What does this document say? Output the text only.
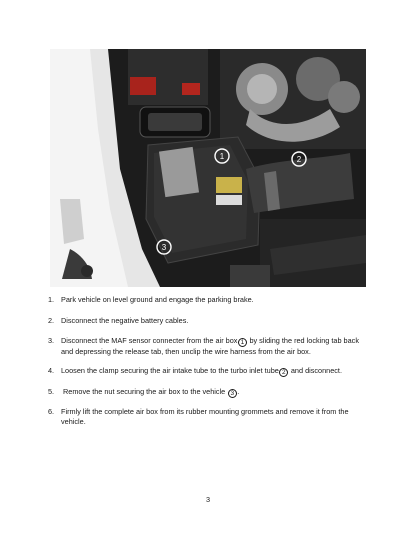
1	2
3
1. Park vehicle on level ground and engage the parking brake.
2. Disconnect the negative battery cables.
3. Disconnect the MAF sensor connecter from the air box 1 by sliding the red locking tab back and depressing the release tab, then unclip the wire harness from the air box.
4. Loosen the clamp securing the air intake tube to the turbo inlet tube 2 and disconnect.
5. Remove the nut securing the air box to the vehicle 3 .
6. Firmly lift the complete air box from its rubber mounting grommets and remove it from the vehicle.
3
